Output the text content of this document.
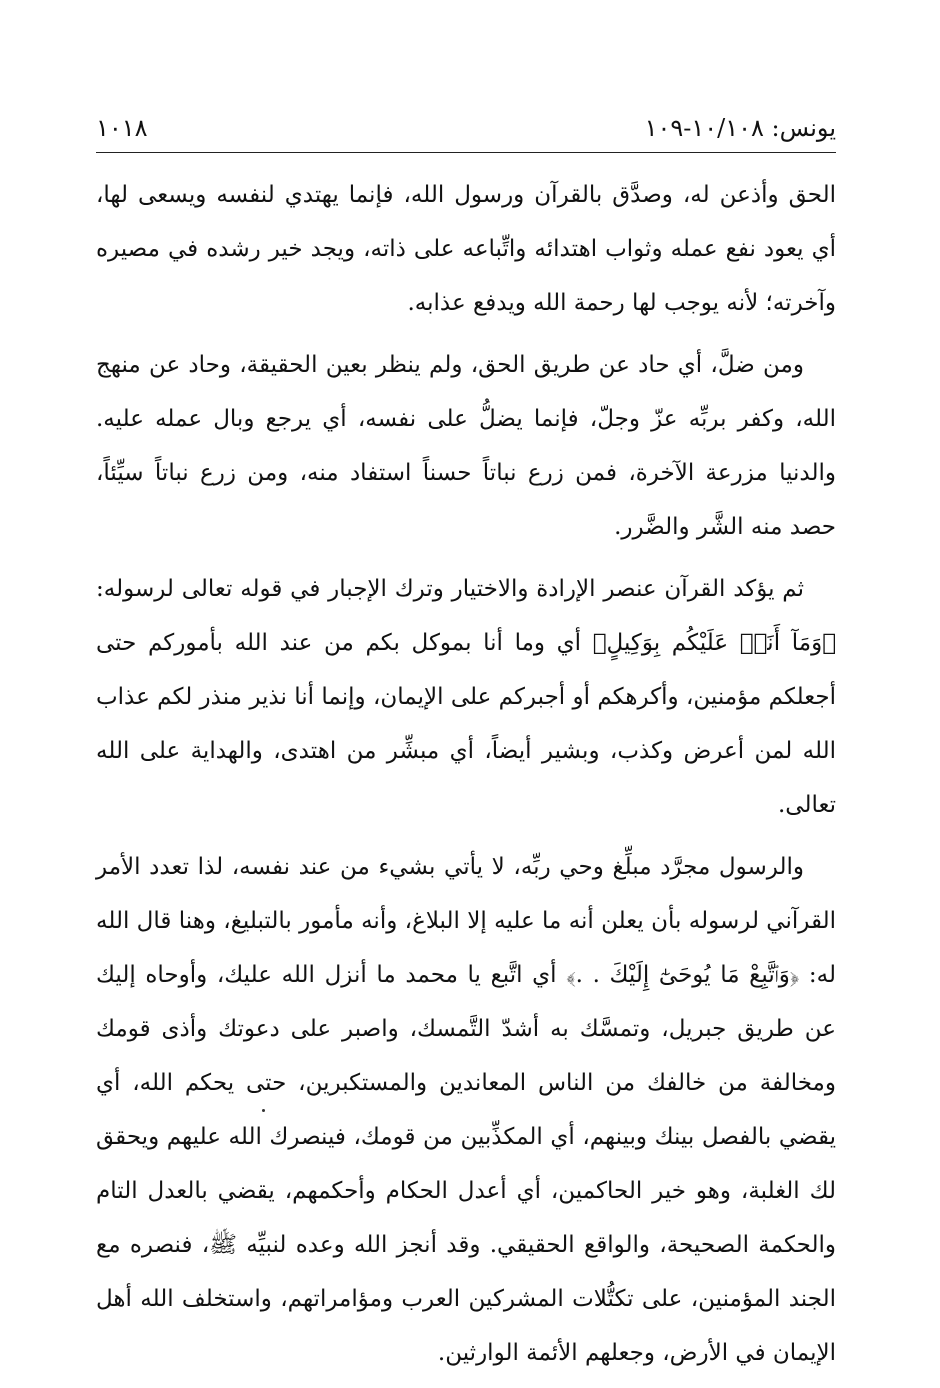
يونس: ١٠/١٠٨-١٠٩
١٠١٨

الحق وأذعن له، وصدَّق بالقرآن ورسول الله، فإنما يهتدي لنفسه ويسعى لها، أي يعود نفع عمله وثواب اهتدائه واتِّباعه على ذاته، ويجد خير رشده في مصيره وآخرته؛ لأنه يوجب لها رحمة الله ويدفع عذابه.

ومن ضلَّ، أي حاد عن طريق الحق، ولم ينظر بعين الحقيقة، وحاد عن منهج الله، وكفر بربِّه عزّ وجلّ، فإنما يضلُّ على نفسه، أي يرجع وبال عمله عليه. والدنيا مزرعة الآخرة، فمن زرع نباتاً حسناً استفاد منه، ومن زرع نباتاً سيِّئاً، حصد منه الشَّر والضَّرر.

ثم يؤكد القرآن عنصر الإرادة والاختيار وترك الإجبار في قوله تعالى لرسوله: ﴿وَمَآ أَنَا۠ عَلَيْكُم بِوَكِيلٍ﴾ أي وما أنا بموكل بكم من عند الله بأموركم حتى أجعلكم مؤمنين، وأكرهكم أو أجبركم على الإيمان، وإنما أنا نذير منذر لكم عذاب الله لمن أعرض وكذب، وبشير أيضاً، أي مبشِّر من اهتدى، والهداية على الله تعالى.

والرسول مجرَّد مبلِّغ وحي ربِّه، لا يأتي بشيء من عند نفسه، لذا تعدد الأمر القرآني لرسوله بأن يعلن أنه ما عليه إلا البلاغ، وأنه مأمور بالتبليغ، وهنا قال الله له: ﴿وَٱتَّبِعْ مَا يُوحَىٰٓ إِلَيْكَ . .﴾ أي اتَّبع يا محمد ما أنزل الله عليك، وأوحاه إليك عن طريق جبريل، وتمسَّك به أشدّ التَّمسك، واصبر على دعوتك وأذى قومك ومخالفة من خالفك من الناس المعاندين والمستكبرين، حتى يحكم الله، أي يقضي بالفصل بينك وبينهم، أي المكذِّبين من قومك، فينصرك الله عليهم ويحقق لك الغلبة، وهو خير الحاكمين، أي أعدل الحكام وأحكمهم، يقضي بالعدل التام والحكمة الصحيحة، والواقع الحقيقي. وقد أنجز الله وعده لنبيِّه ﷺ، فنصره مع الجند المؤمنين، على تكتُّلات المشركين العرب ومؤامراتهم، واستخلف الله أهل الإيمان في الأرض، وجعلهم الأئمة الوارثين.
